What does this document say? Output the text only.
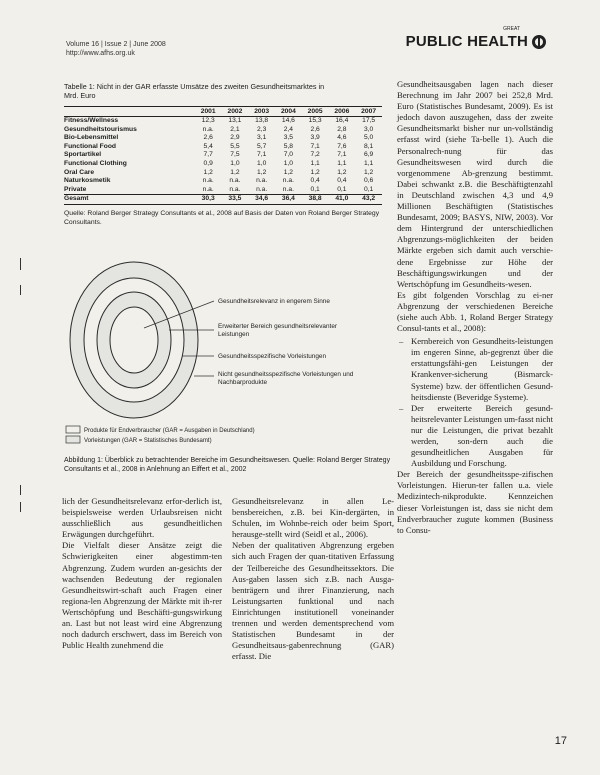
Volume 16 | Issue 2 | June 2008
http://www.afhs.org.uk
GREAT
PUBLIC HEALTH
Tabelle 1: Nicht in der GAR erfasste Umsätze des zweiten Gesundheitsmarktes in Mrd. Euro
	2001	2002	2003	2004	2005	2006	2007
Fitness/Wellness	12,3	13,1	13,8	14,6	15,3	16,4	17,5
Gesundheitstourismus	n.a.	2,1	2,3	2,4	2,6	2,8	3,0
Bio-Lebensmittel	2,6	2,9	3,1	3,5	3,9	4,6	5,0
Functional Food	5,4	5,5	5,7	5,8	7,1	7,6	8,1
Sportartikel	7,7	7,5	7,1	7,0	7,2	7,1	6,9
Functional Clothing	0,9	1,0	1,0	1,0	1,1	1,1	1,1
Oral Care	1,2	1,2	1,2	1,2	1,2	1,2	1,2
Naturkosmetik	n.a.	n.a.	n.a.	n.a.	0,4	0,4	0,6
Private	n.a.	n.a.	n.a.	n.a.	0,1	0,1	0,1
Gesamt	30,3	33,5	34,6	36,4	38,8	41,0	43,2
Quelle: Roland Berger Strategy Consultants et al., 2008 auf Basis der Daten von Roland Berger Strategy Consultants.
Gesundheitsrelevanz in engerem Sinne
Erweiterter Bereich gesundheitsrelevanter Leistungen
Gesundheitsspezifische Vorleistungen
Nicht gesundheitsspezifische Vorleistungen und Nachbarprodukte
Produkte für Endverbraucher (GAR = Ausgaben in Deutschland)
Vorleistungen (GAR = Statistisches Bundesamt)
Abbildung 1: Überblick zu betrachtender Bereiche im Gesundheitswesen. Quelle: Roland Berger Strategy Consultants et al., 2008 in Anlehnung an Eiffert et al., 2002

lich der Gesundheitsrelevanz erfor-derlich ist, beispielsweise werden Urlaubsreisen nicht ausschließlich aus gesundheitlichen Erwägungen durchgeführt.

Die Vielfalt dieser Ansätze zeigt die Schwierigkeiten einer abgestimm-ten Abgrenzung. Zudem wurden an-gesichts der wachsenden Bedeutung der regionalen Gesundheitswirt-schaft auch Fragen einer regiona-len Abgrenzung der Märkte mit ih-rer Wertschöpfung und Beschäfti-gungswirkung an. Last but not least wird eine Abgrenzung noch dadurch erschwert, dass im Bereich von Public Health zunehmend die

Gesundheitsrelevanz in allen Le-bensbereichen, z.B. bei Kin-dergärten, in Schulen, im Wohnbe-reich oder beim Sport, herausge-stellt wird (Seidl et al., 2006).

Neben der qualitativen Abgrenzung ergeben sich auch Fragen der quan-titativen Erfassung der Teilbereiche des Gesundheitssektors. Die Aus-gaben lassen sich z.B. nach Ausga-benträgern und ihrer Finanzierung, nach Leistungsarten funktional und nach Einrichtungen institutionell voneinander trennen und werden dementsprechend vom Statistischen Bundesamt in der Gesundheitsaus-gabenrechnung (GAR) erfasst. Die

Gesundheitsausgaben lagen nach dieser Berechnung im Jahr 2007 bei 252,8 Mrd. Euro (Statistisches Bundesamt, 2009). Es ist jedoch davon auszugehen, dass der zweite Gesundheitsmarkt bisher nur un-vollständig erfasst wird (siehe Ta-belle 1). Auch die Personalrech-nung für das Gesundheitswesen wird durch die vorgenommene Ab-grenzung bestimmt. Dabei schwankt z.B. die Beschäftigtenzahl in Deutschland zwischen 4,3 und 4,9 Millionen Beschäftigten (Statistisches Bundesamt, 2009; BASYS, NIW, 2003). Vor dem Hintergrund der unterschiedlichen Abgrenzungs-möglichkeiten der beiden Märkte ergeben sich damit auch verschie-dene Ergebnisse zur Höhe der Beschäftigungswirkungen und der Wertschöpfung im Gesundheits-wesen.

Es gibt folgenden Vorschlag zu ei-ner Abgrenzung der verschiedenen Bereiche (siehe auch Abb. 1, Roland Berger Strategy Consul-tants et al., 2008):

– Kernbereich von Gesundheits-leistungen im engeren Sinne, ab-gegrenzt über die erstattungsfähi-gen Leistungen der Krankenver-sicherung (Bismarck-Systeme) bzw. der öffentlichen Gesund-heitsdienste (Beveridge Systeme).
– Der erweiterte Bereich gesund-heitsrelevanter Leistungen um-fasst nicht nur die Leistungen, die privat bezahlt werden, son-dern auch die gesundheitlichen Ausgaben für Ausbildung und Forschung.

Der Bereich der gesundheitsspe-zifischen Vorleistungen. Hierun-ter fallen u.a. viele Medizintech-nikprodukte. Kennzeichen dieser Vorleistungen ist, dass sie nicht dem Endverbraucher zugute kommen (Business to Consu-

17
